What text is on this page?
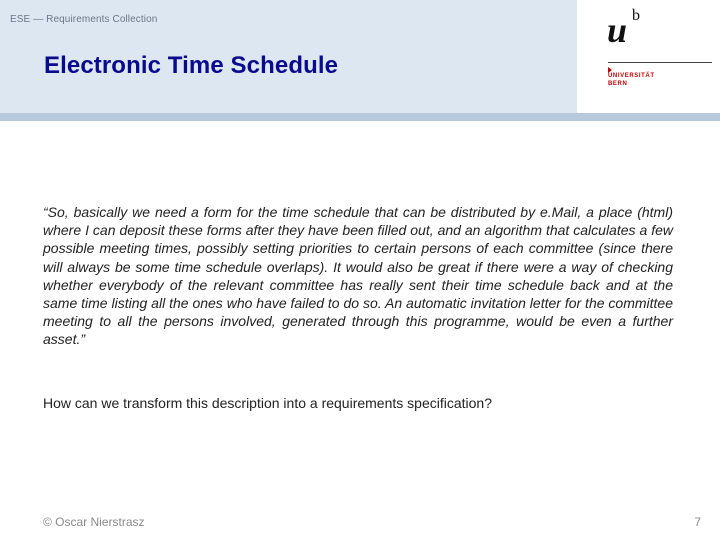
ESE — Requirements Collection
Electronic Time Schedule
u b
UNIVERSITÄT
BERN

“So, basically we need a form for the time schedule that can be distributed by e.Mail, a place (html) where I can deposit these forms after they have been filled out, and an algorithm that calculates a few possible meeting times, possibly setting priorities to certain persons of each committee (since there will always be some time schedule overlaps). It would also be great if there were a way of checking whether everybody of the relevant committee has really sent their time schedule back and at the same time listing all the ones who have failed to do so. An automatic invitation letter for the committee meeting to all the persons involved, generated through this programme, would be even a further asset.”

How can we transform this description into a requirements specification?

© Oscar Nierstrasz	7
